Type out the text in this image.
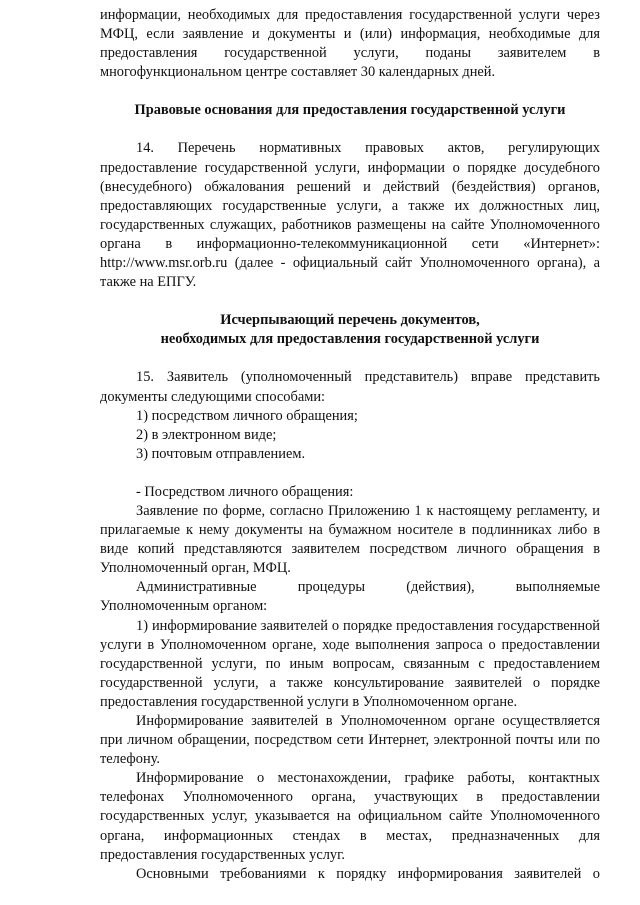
информации, необходимых для предоставления государственной услуги через МФЦ, если заявление и документы и (или) информация, необходимые для предоставления государственной услуги, поданы заявителем в многофункциональном центре составляет 30 календарных дней.

Правовые основания для предоставления государственной услуги

14. Перечень нормативных правовых актов, регулирующих предоставление государственной услуги, информации о порядке досудебного (внесудебного) обжалования решений и действий (бездействия) органов, предоставляющих государственные услуги, а также их должностных лиц, государственных служащих, работников размещены на сайте Уполномоченного органа в информационно-телекоммуникационной сети «Интернет»: http://www.msr.orb.ru (далее - официальный сайт Уполномоченного органа), а также на ЕПГУ.

Исчерпывающий перечень документов,
необходимых для предоставления государственной услуги

15. Заявитель (уполномоченный представитель) вправе представить документы следующими способами:

1) посредством личного обращения;

2) в электронном виде;

3) почтовым отправлением.

- Посредством личного обращения:

Заявление по форме, согласно Приложению 1 к настоящему регламенту, и прилагаемые к нему документы на бумажном носителе в подлинниках либо в виде копий представляются заявителем посредством личного обращения в Уполномоченный орган, МФЦ.

Административные процедуры (действия), выполняемые Уполномоченным органом:

1) информирование заявителей о порядке предоставления государственной услуги в Уполномоченном органе, ходе выполнения запроса о предоставлении государственной услуги, по иным вопросам, связанным с предоставлением государственной услуги, а также консультирование заявителей о порядке предоставления государственной услуги в Уполномоченном органе.

Информирование заявителей в Уполномоченном органе осуществляется при личном обращении, посредством сети Интернет, электронной почты или по телефону.

Информирование о местонахождении, графике работы, контактных телефонах Уполномоченного органа, участвующих в предоставлении государственных услуг, указывается на официальном сайте Уполномоченного органа, информационных стендах в местах, предназначенных для предоставления государственных услуг.

Основными требованиями к порядку информирования заявителей о
